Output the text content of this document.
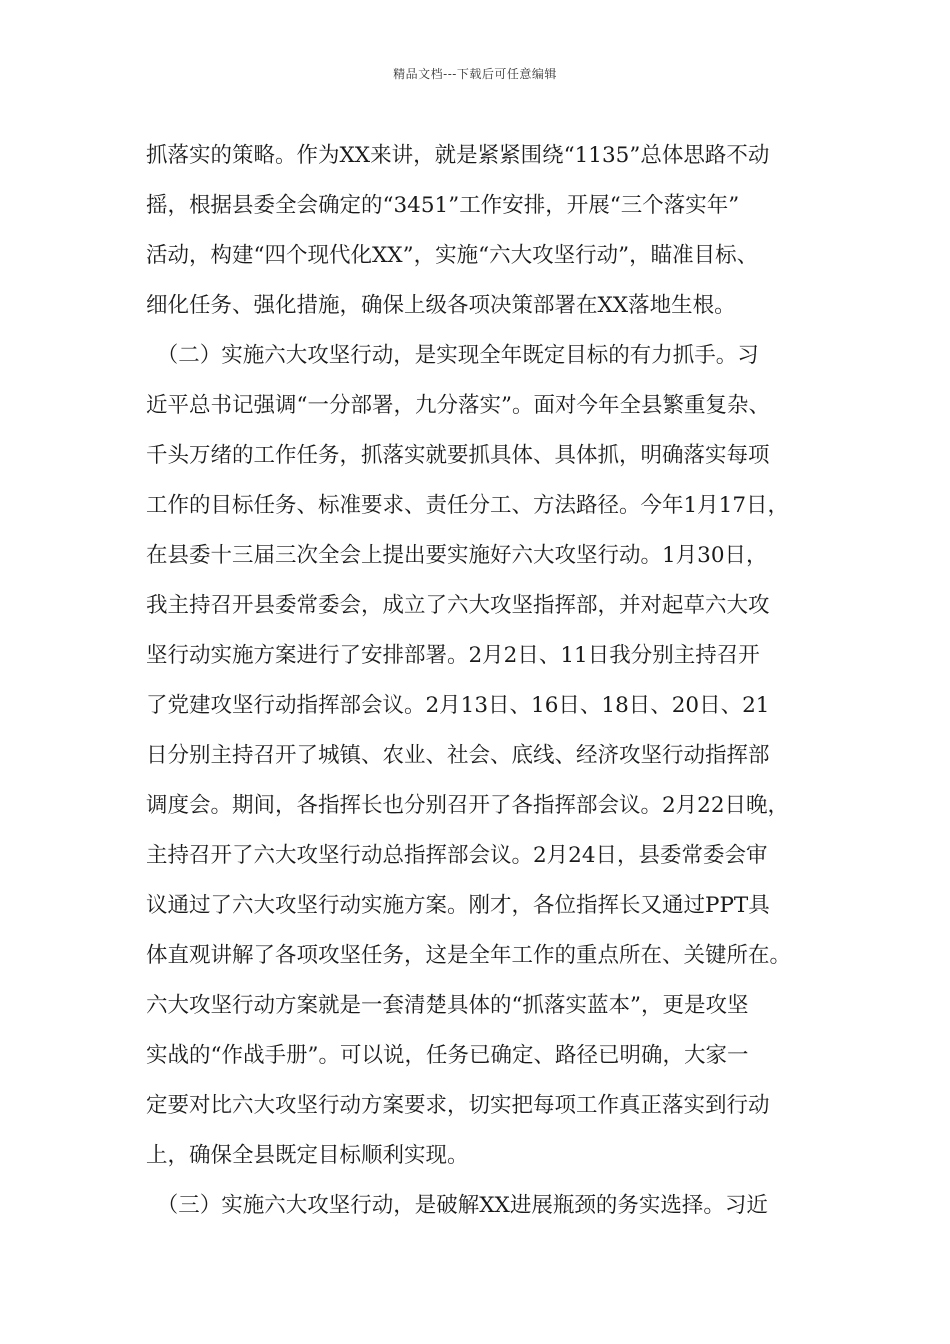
精品文档---下载后可任意编辑
抓落实的策略。作为XX来讲，就是紧紧围绕“1135”总体思路不动
摇，根据县委全会确定的“3451”工作安排，开展“三个落实年”
活动，构建“四个现代化XX”，实施“六大攻坚行动”，瞄准目标、
细化任务、强化措施，确保上级各项决策部署在XX落地生根。
　（二）实施六大攻坚行动，是实现全年既定目标的有力抓手。习
近平总书记强调“一分部署，九分落实”。面对今年全县繁重复杂、
千头万绪的工作任务，抓落实就要抓具体、具体抓，明确落实每项
工作的目标任务、标准要求、责任分工、方法路径。今年1月17日，
在县委十三届三次全会上提出要实施好六大攻坚行动。1月30日，
我主持召开县委常委会，成立了六大攻坚指挥部，并对起草六大攻
坚行动实施方案进行了安排部署。2月2日、11日我分别主持召开
了党建攻坚行动指挥部会议。2月13日、16日、18日、20日、21
日分别主持召开了城镇、农业、社会、底线、经济攻坚行动指挥部
调度会。期间，各指挥长也分别召开了各指挥部会议。2月22日晚，
主持召开了六大攻坚行动总指挥部会议。2月24日，县委常委会审
议通过了六大攻坚行动实施方案。刚才，各位指挥长又通过PPT具
体直观讲解了各项攻坚任务，这是全年工作的重点所在、关键所在。
六大攻坚行动方案就是一套清楚具体的“抓落实蓝本”，更是攻坚
实战的“作战手册”。可以说，任务已确定、路径已明确，大家一
定要对比六大攻坚行动方案要求，切实把每项工作真正落实到行动
上，确保全县既定目标顺利实现。
　（三）实施六大攻坚行动，是破解XX进展瓶颈的务实选择。习近
